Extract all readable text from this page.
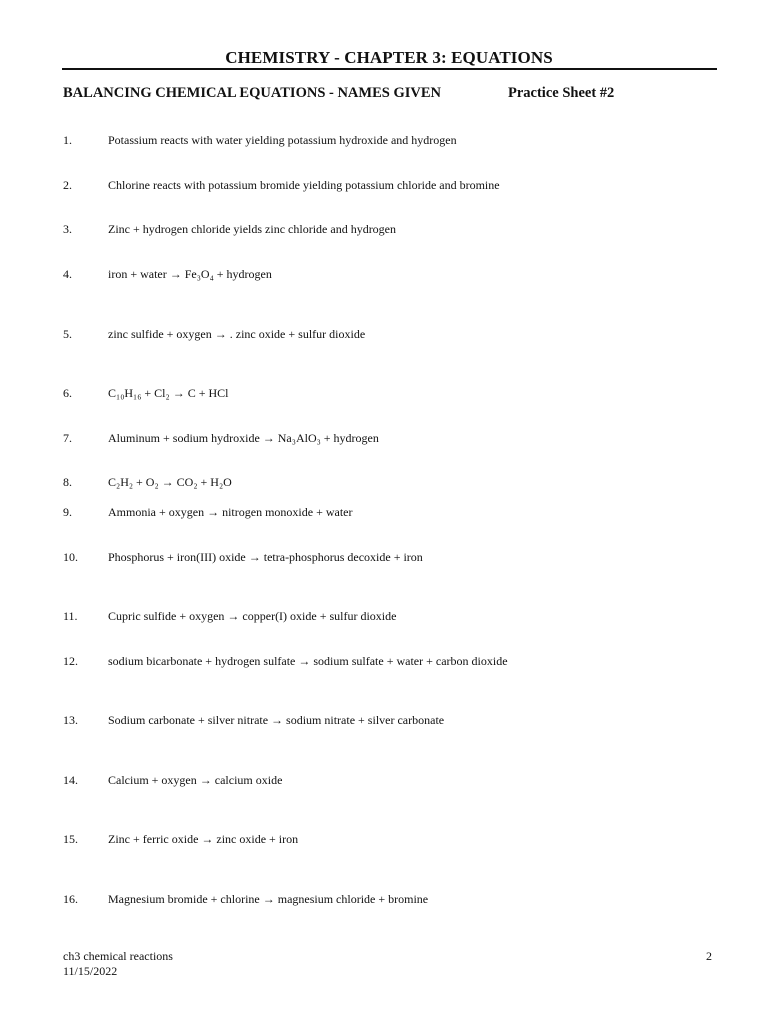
CHEMISTRY - CHAPTER 3: EQUATIONS
BALANCING CHEMICAL EQUATIONS - NAMES GIVEN	Practice Sheet #2
1.	Potassium reacts with water yielding potassium hydroxide and hydrogen
2.	Chlorine reacts with potassium bromide yielding potassium chloride and bromine
3.	Zinc + hydrogen chloride yields zinc chloride and hydrogen
4.	iron + water → Fe₃O₄ + hydrogen
5.	zinc sulfide + oxygen → . zinc oxide + sulfur dioxide
6.	C₁₀H₁₆ + Cl₂ → C + HCl
7.	Aluminum + sodium hydroxide → Na₃AlO₃ + hydrogen
8.	C₂H₂ + O₂ → CO₂ + H₂O
9.	Ammonia + oxygen → nitrogen monoxide + water
10.	Phosphorus + iron(III) oxide → tetra-phosphorus decoxide + iron
11.	Cupric sulfide + oxygen → copper(I) oxide + sulfur dioxide
12.	sodium bicarbonate + hydrogen sulfate → sodium sulfate + water + carbon dioxide
13.	Sodium carbonate + silver nitrate → sodium nitrate + silver carbonate
14.	Calcium + oxygen → calcium oxide
15.	Zinc + ferric oxide → zinc oxide + iron
16.	Magnesium bromide + chlorine → magnesium chloride + bromine
ch3 chemical reactions
11/15/2022
2
